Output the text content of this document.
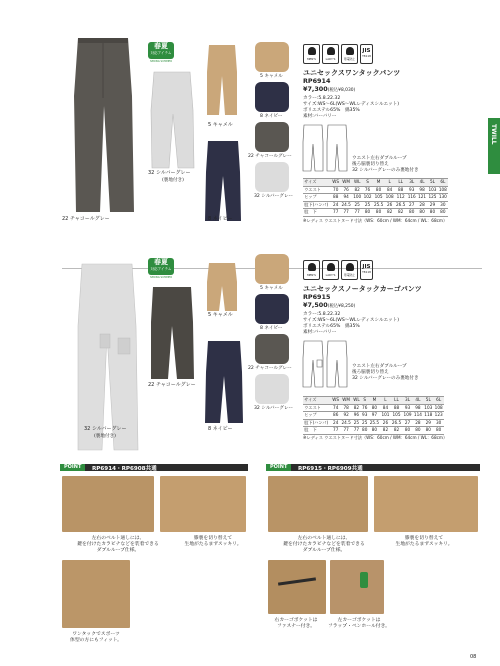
TWILL
春夏
対応アイテム
SPRING SUMMER
22 チャコールグレー
32 シルバーグレー
(裏地付き)
5 キャメル
8 ネイビー
5 キャメル
8 ネイビー
22 チャコールグレー
32 シルバーグレー
MEN'S	LADY'S	帯電防止
JIS
T8118
ユニセックスワンタックパンツ
RP6914
¥7,300(税込¥8,030)
カラー:5.8.22.32
サイズ:WS〜6L(WS〜WLレディスシルエット)
ポリエステル65%　綿35%
素材:バーバリー
ウエスト左右ダブルループ
後ろ脇裏切り替え
32 シルバーグレーのみ裏地付き
サイズ	WS	WM	WL	S	M	L	LL	3L	4L	5L	6L
ウエスト	70	76	82	76	80	84	88	93	98	103	108
ヒップ	88	94	100	102	105	108	112	116	121	125	130
股下(ハンパ)	24	24.5	25	25	25.5	26	26.5	27	28	29	30
股　下	77	77	77	80	80	82	82	80	80	80	80
※レディス ウエストヌード寸法（WS：60cm / WM：64cm / WL：68cm）
春夏
対応アイテム
SPRING SUMMER
22 チャコールグレー
32 シルバーグレー
(裏地付き)
5 キャメル
8 ネイビー
5 キャメル
8 ネイビー
22 チャコールグレー
32 シルバーグレー
MEN'S	LADY'S	帯電防止
JIS
T8118
ユニセックスノータックカーゴパンツ
RP6915
¥7,500(税込¥8,250)
カラー:5.8.22.32
サイズ:WS〜6L(WS〜WLレディスシルエット)
ポリエステル65%　綿35%
素材:バーバリー
ウエスト左右ダブルループ
後ろ脇裏切り替え
32 シルバーグレーのみ裏地付き
サイズ	WS	WM	WL	S	M	L	LL	3L	4L	5L	6L
ウエスト	74	78	82	76	80	84	88	93	98	103	108
ヒップ	86	92	96	93	97	101	105	109	114	118	123
股下(ハンパ)	24	24.5	25	25	25.5	26	26.5	27	28	29	30
股　下	77	77	77	80	80	82	82	80	80	80	80
※レディス ウエストヌード寸法（WS：60cm / WM：64cm / WL：68cm）
POINT	RP6914・RP6908共通
左右のベルト通しには、
鍵を付けたカラビナなどを装着できる
ダブルループ仕様。
膝裏を切り替えて
生地がたるまずスッキリ。
ワンタックでスポーツ
体型の方にもフィット。
POINT	RP6915・RP6909共通
左右のベルト通しには、
鍵を付けたカラビナなどを装着できる
ダブルループ仕様。
膝裏を切り替えて
生地がたるまずスッキリ。
右カーゴポケットは
ファスナー付き。
左カーゴポケットは
フラップ・ペンホール付き。
08
